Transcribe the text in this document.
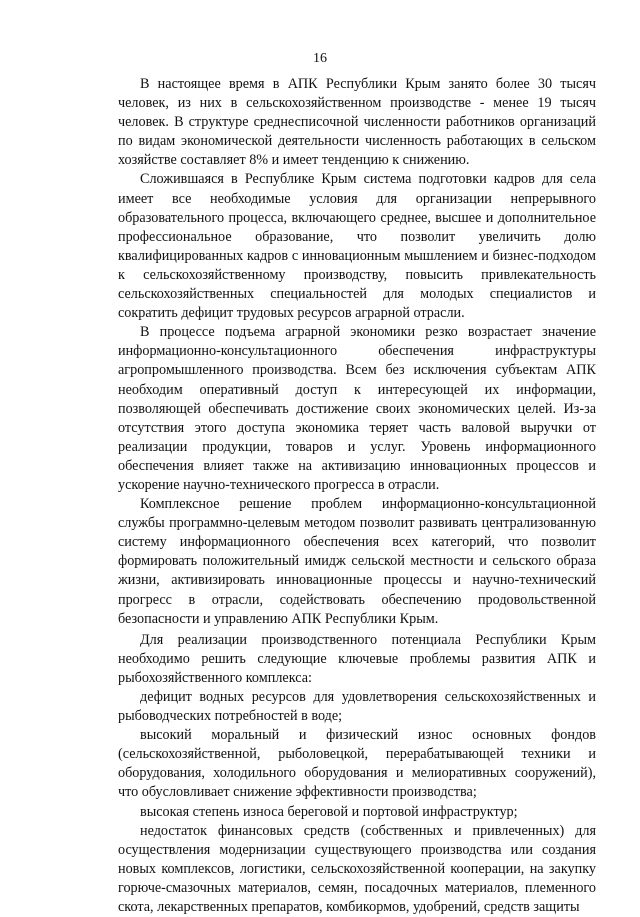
16

В настоящее время в АПК Республики Крым занято более 30 тысяч человек, из них в сельскохозяйственном производстве - менее 19 тысяч человек. В структуре среднесписочной численности работников организаций по видам экономической деятельности численность работающих в сельском хозяйстве составляет 8% и имеет тенденцию к снижению.

Сложившаяся в Республике Крым система подготовки кадров для села имеет все необходимые условия для организации непрерывного образовательного процесса, включающего среднее, высшее и дополнительное профессиональное образование, что позволит увеличить долю квалифицированных кадров с инновационным мышлением и бизнес-подходом к сельскохозяйственному производству, повысить привлекательность сельскохозяйственных специальностей для молодых специалистов и сократить дефицит трудовых ресурсов аграрной отрасли.

В процессе подъема аграрной экономики резко возрастает значение информационно-консультационного обеспечения инфраструктуры агропромышленного производства. Всем без исключения субъектам АПК необходим оперативный доступ к интересующей их информации, позволяющей обеспечивать достижение своих экономических целей. Из-за отсутствия этого доступа экономика теряет часть валовой выручки от реализации продукции, товаров и услуг. Уровень информационного обеспечения влияет также на активизацию инновационных процессов и ускорение научно-технического прогресса в отрасли.

Комплексное решение проблем информационно-консультационной службы программно-целевым методом позволит развивать централизованную систему информационного обеспечения всех категорий, что позволит формировать положительный имидж сельской местности и сельского образа жизни, активизировать инновационные процессы и научно-технический прогресс в отрасли, содействовать обеспечению продовольственной безопасности и управлению АПК Республики Крым.

Для реализации производственного потенциала Республики Крым необходимо решить следующие ключевые проблемы развития АПК и рыбохозяйственного комплекса:

дефицит водных ресурсов для удовлетворения сельскохозяйственных и рыбоводческих потребностей в воде;

высокий моральный и физический износ основных фондов (сельскохозяйственной, рыболовецкой, перерабатывающей техники и оборудования, холодильного оборудования и мелиоративных сооружений), что обусловливает снижение эффективности производства;

высокая степень износа береговой и портовой инфраструктур;

недостаток финансовых средств (собственных и привлеченных) для осуществления модернизации существующего производства или создания новых комплексов, логистики, сельскохозяйственной кооперации, на закупку горюче-смазочных материалов, семян, посадочных материалов, племенного скота, лекарственных препаратов, комбикормов, удобрений, средств защиты
